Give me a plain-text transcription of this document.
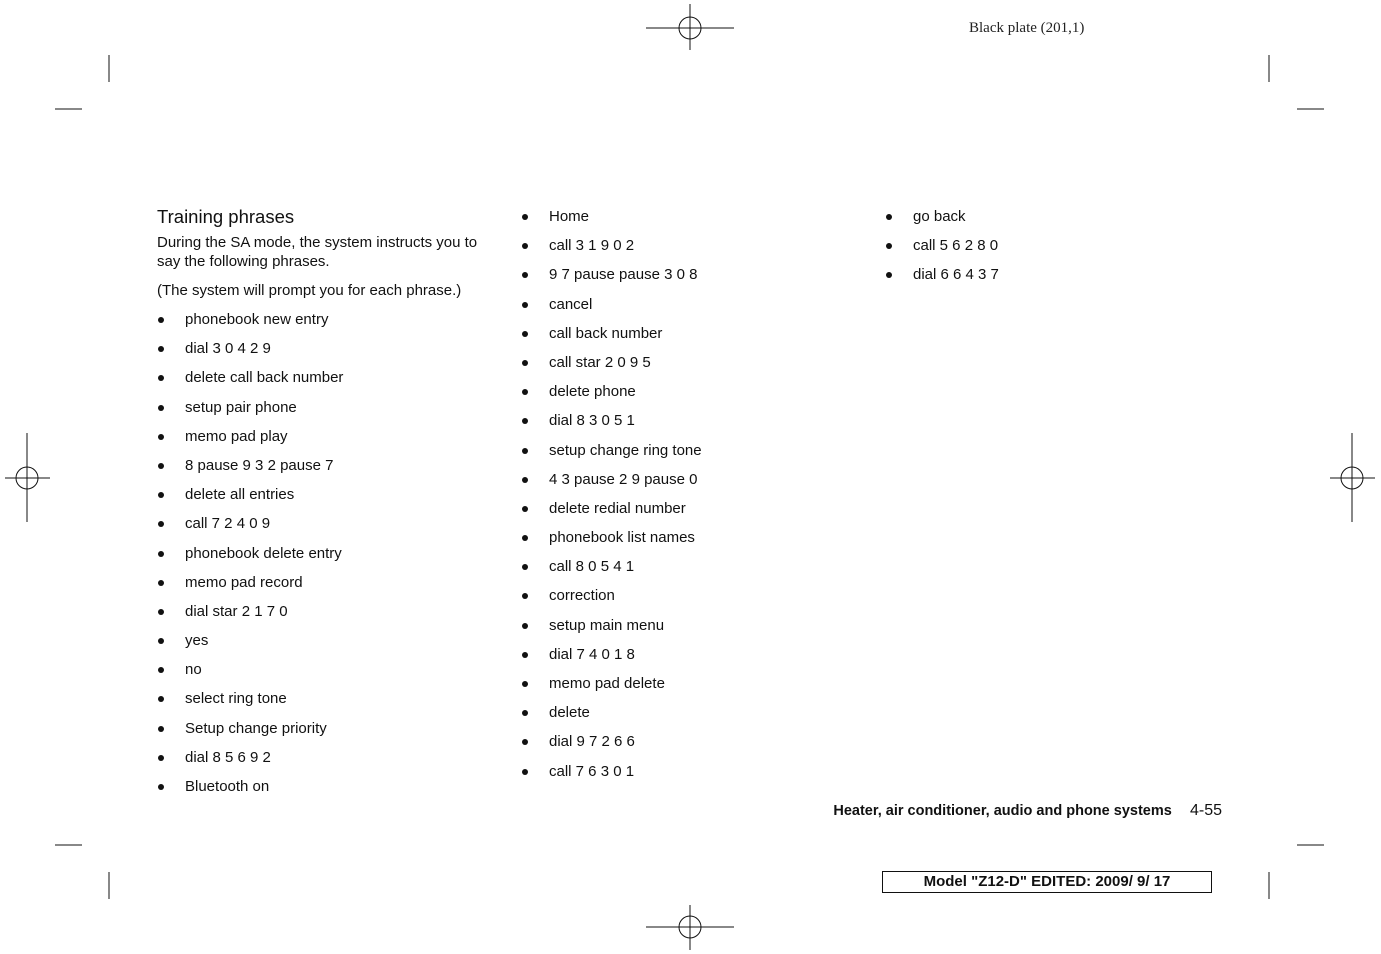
Black plate (201,1)
Training phrases

During the SA mode, the system instructs you to say the following phrases.

(The system will prompt you for each phrase.)

phonebook new entry
dial 3 0 4 2 9
delete call back number
setup pair phone
memo pad play
8 pause 9 3 2 pause 7
delete all entries
call 7 2 4 0 9
phonebook delete entry
memo pad record
dial star 2 1 7 0
yes
no
select ring tone
Setup change priority
dial 8 5 6 9 2
Bluetooth on
Home
call 3 1 9 0 2
9 7 pause pause 3 0 8
cancel
call back number
call star 2 0 9 5
delete phone
dial 8 3 0 5 1
setup change ring tone
4 3 pause 2 9 pause 0
delete redial number
phonebook list names
call 8 0 5 4 1
correction
setup main menu
dial 7 4 0 1 8
memo pad delete
delete
dial 9 7 2 6 6
call 7 6 3 0 1
go back
call 5 6 2 8 0
dial 6 6 4 3 7
Heater, air conditioner, audio and phone systems 4-55
Model "Z12-D" EDITED: 2009/ 9/ 17
